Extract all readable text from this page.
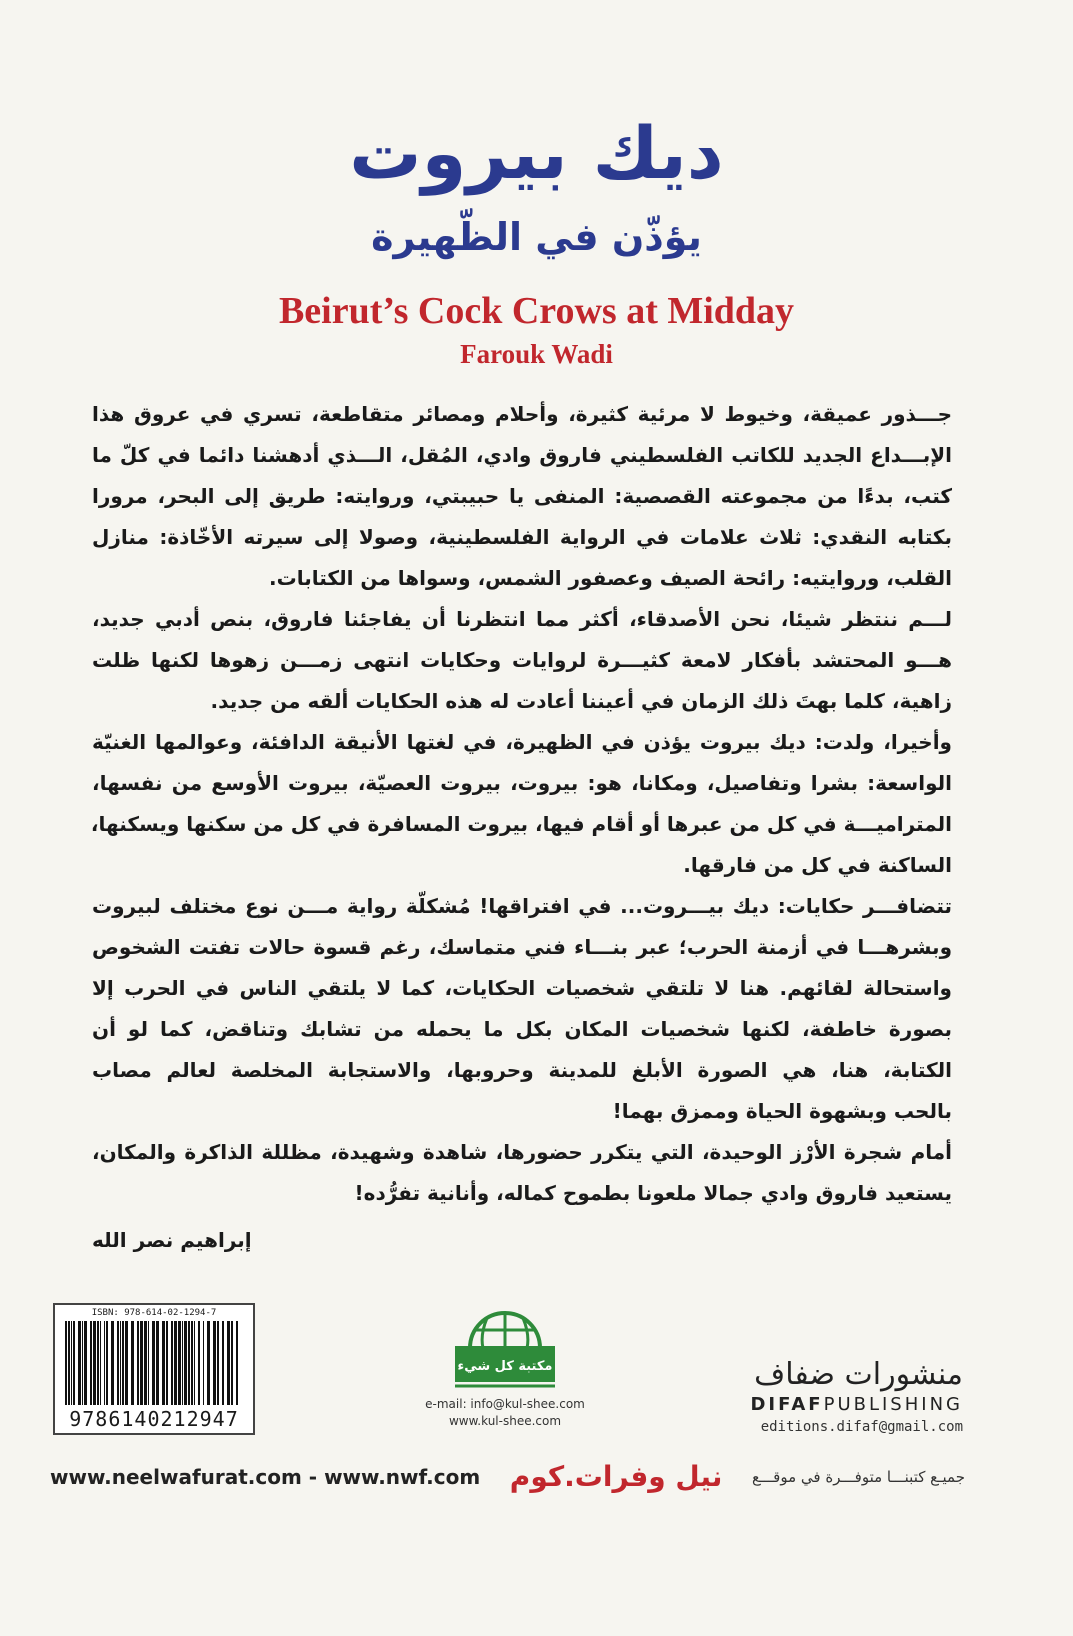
ديك بيروت
يؤذّن في الظّهيرة
Beirut’s Cock Crows at Midday
Farouk Wadi
جـــذور عميقة، وخيوط لا مرئية كثيرة، وأحلام ومصائر متقاطعة، تسري في عروق هذا
الإبـــداع الجديد للكاتب الفلسطيني فاروق وادي، المُقل، الـــذي أدهشنا دائما في كلّ ما
كتب، بدءًا من مجموعته القصصية: المنفى يا حبيبتي، وروايته: طريق إلى البحر، مرورا
بكتابه النقدي: ثلاث علامات في الرواية الفلسطينية، وصولا إلى سيرته الأخّاذة: منازل
القلب، وروايتيه: رائحة الصيف وعصفور الشمس، وسواها من الكتابات.
لـــم ننتظر شيئا، نحن الأصدقاء، أكثر مما انتظرنا أن يفاجئنا فاروق، بنص أدبي جديد،
هـــو المحتشد بأفكار لامعة كثيـــرة لروايات وحكايات انتهى زمـــن زهوها لكنها ظلت
زاهية، كلما بهتَ ذلك الزمان في أعيننا أعادت له هذه الحكايات ألقه من جديد.
وأخيرا، ولدت: ديك بيروت يؤذن في الظهيرة، في لغتها الأنيقة الدافئة، وعوالمها الغنيّة
الواسعة: بشرا وتفاصيل، ومكانا، هو: بيروت، بيروت العصيّة، بيروت الأوسع من نفسها،
المتراميـــة في كل من عبرها أو أقام فيها، بيروت المسافرة في كل من سكنها ويسكنها،
الساكنة في كل من فارقها.
تتضافـــر حكايات: ديك بيـــروت... في افتراقها! مُشكلّة رواية مـــن نوع مختلف لبيروت
وبشرهـــا في أزمنة الحرب؛ عبر بنـــاء فني متماسك، رغم قسوة حالات تفتت الشخوص
واستحالة لقائهم. هنا لا تلتقي شخصيات الحكايات، كما لا يلتقي الناس في الحرب إلا
بصورة خاطفة، لكنها شخصيات المكان بكل ما يحمله من تشابك وتناقض، كما لو أن
الكتابة، هنا، هي الصورة الأبلغ للمدينة وحروبها، والاستجابة المخلصة لعالم مصاب
بالحب وبشهوة الحياة وممزق بهما!
أمام شجرة الأرْز الوحيدة، التي يتكرر حضورها، شاهدة وشهيدة، مظللة الذاكرة والمكان،
يستعيد فاروق وادي جمالا ملعونا بطموح كماله، وأنانية تفرُّده!
إبراهيم نصر الله
ISBN: 978-614-02-1294-7
9786140212947
مكتبة كل شيء
e-mail: info@kul-shee.com
www.kul-shee.com
منشورات ضفاف
DIFAFPUBLISHING
editions.difaf@gmail.com
www.neelwafurat.com - www.nwf.com نيل وفرات.كوم جميـع كتبنـــا متوفـــرة في موقـــع
